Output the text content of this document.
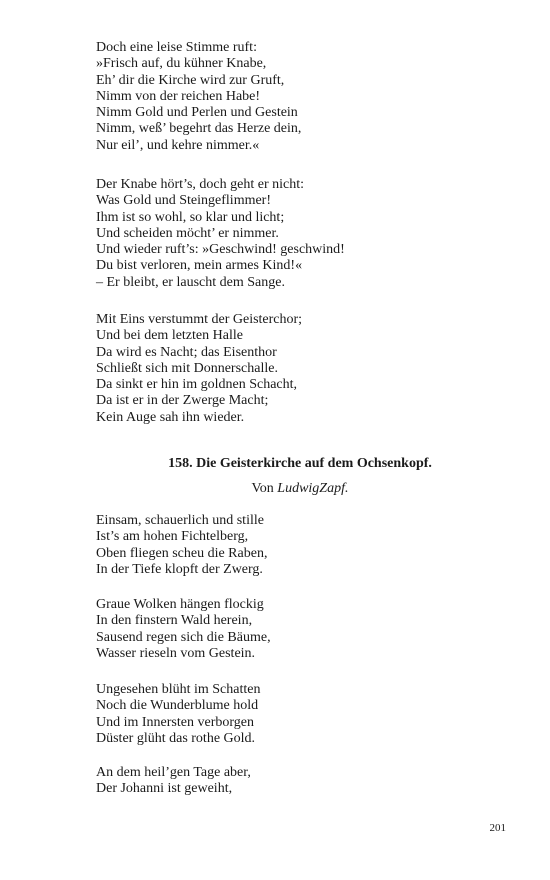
Doch eine leise Stimme ruft:
»Frisch auf, du kühner Knabe,
Eh’ dir die Kirche wird zur Gruft,
Nimm von der reichen Habe!
Nimm Gold und Perlen und Gestein
Nimm, weß’ begehrt das Herze dein,
Nur eil’, und kehre nimmer.«
Der Knabe hört’s, doch geht er nicht:
Was Gold und Steingeflimmer!
Ihm ist so wohl, so klar und licht;
Und scheiden möcht’ er nimmer.
Und wieder ruft’s: »Geschwind! geschwind!
Du bist verloren, mein armes Kind!«
– Er bleibt, er lauscht dem Sange.
Mit Eins verstummt der Geisterchor;
Und bei dem letzten Halle
Da wird es Nacht; das Eisenthor
Schließt sich mit Donnerschalle.
Da sinkt er hin im goldnen Schacht,
Da ist er in der Zwerge Macht;
Kein Auge sah ihn wieder.
158. Die Geisterkirche auf dem Ochsenkopf.
Von LudwigZapf.
Einsam, schauerlich und stille
Ist’s am hohen Fichtelberg,
Oben fliegen scheu die Raben,
In der Tiefe klopft der Zwerg.
Graue Wolken hängen flockig
In den finstern Wald herein,
Sausend regen sich die Bäume,
Wasser rieseln vom Gestein.
Ungesehen blüht im Schatten
Noch die Wunderblume hold
Und im Innersten verborgen
Düster glüht das rothe Gold.
An dem heil’gen Tage aber,
Der Johanni ist geweiht,
201
